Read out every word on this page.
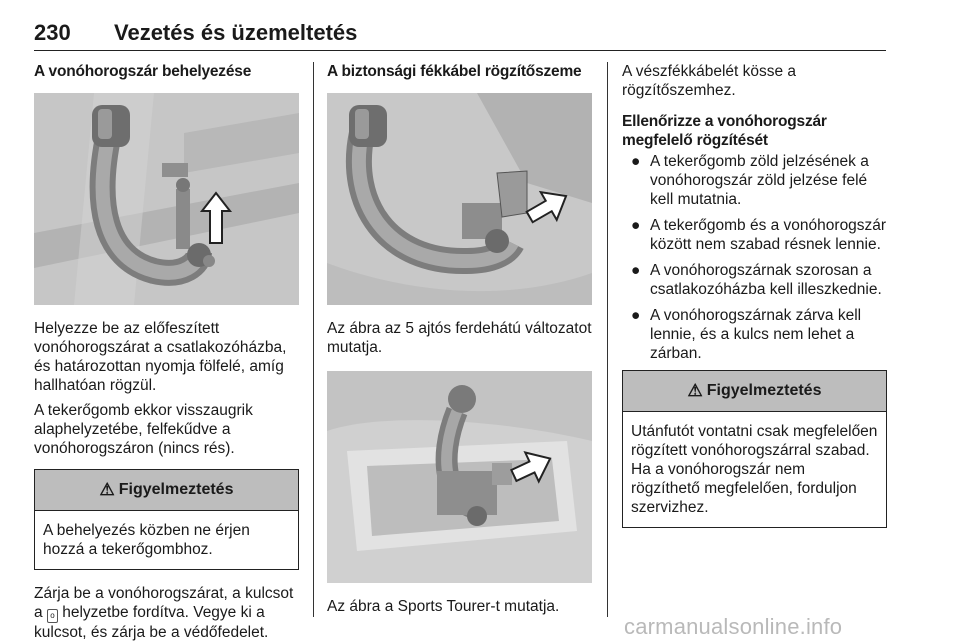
230 Vezetés és üzemeltetés
A vonóhorogszár behelyezése

Helyezze be az előfeszített vonóhorogszárat a csatlakozóházba, és határozottan nyomja fölfelé, amíg hallhatóan rögzül.

A tekerőgomb ekkor visszaugrik alaphelyzetébe, felfekűdve a vonóhorogszáron (nincs rés).

⚠ Figyelmeztetés
A behelyezés közben ne érjen hozzá a tekerőgombhoz.

Zárja be a vonóhorogszárat, a kulcsot a o helyzetbe fordítva. Vegye ki a kulcsot, és zárja be a védőfedelet.

A biztonsági fékkábel rögzítőszeme

Az ábra az 5 ajtós ferdehátú változatot mutatja.

Az ábra a Sports Tourer-t mutatja.

A vészfékkábelét kösse a rögzítőszemhez.

Ellenőrizze a vonóhorogszár megfelelő rögzítését
● A tekerőgomb zöld jelzésének a vonóhorogszár zöld jelzése felé kell mutatnia.
● A tekerőgomb és a vonóhorogszár között nem szabad résnek lennie.
● A vonóhorogszárnak szorosan a csatlakozóházba kell illeszkednie.
● A vonóhorogszárnak zárva kell lennie, és a kulcs nem lehet a zárban.
⚠ Figyelmeztetés
Utánfutót vontatni csak megfelelően rögzített vonóhorogszárral szabad. Ha a vonóhorogszár nem rögzíthető megfelelően, forduljon szervizhez.
carmanualsonline.info
